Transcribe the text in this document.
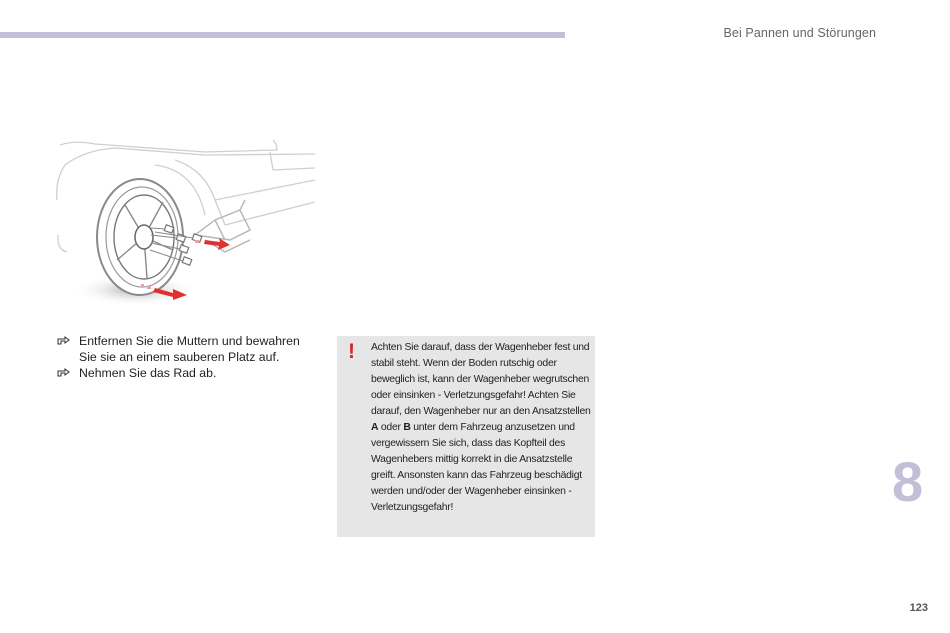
Bei Pannen und Störungen
Entfernen Sie die Muttern und bewahren Sie sie an einem sauberen Platz auf.
Nehmen Sie das Rad ab.
! Achten Sie darauf, dass der Wagenheber fest und stabil steht. Wenn der Boden rutschig oder beweglich ist, kann der Wagenheber wegrutschen oder einsinken - Verletzungsgefahr! Achten Sie darauf, den Wagenheber nur an den Ansatzstellen A oder B unter dem Fahrzeug anzusetzen und vergewissern Sie sich, dass das Kopfteil des Wagenhebers mittig korrekt in die Ansatzstelle greift. Ansonsten kann das Fahrzeug beschädigt werden und/oder der Wagenheber einsinken - Verletzungsgefahr!	8
123
